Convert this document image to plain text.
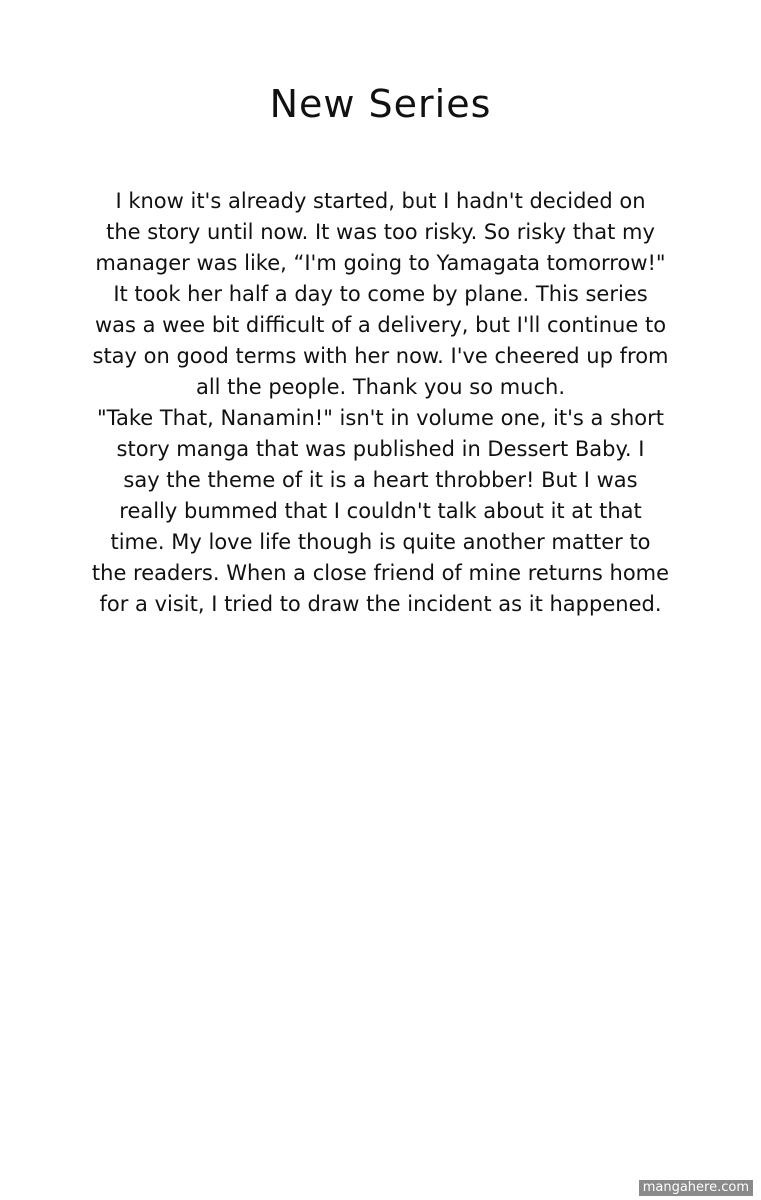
New Series

I know it's already started, but I hadn't decided on
the story until now. It was too risky. So risky that my
manager was like, “I'm going to Yamagata tomorrow!"
It took her half a day to come by plane. This series
was a wee bit difficult of a delivery, but I'll continue to
stay on good terms with her now. I've cheered up from
all the people. Thank you so much.
"Take That, Nanamin!" isn't in volume one, it's a short
story manga that was published in Dessert Baby. I
say the theme of it is a heart throbber! But I was
really bummed that I couldn't talk about it at that
time. My love life though is quite another matter to
the readers. When a close friend of mine returns home
for a visit, I tried to draw the incident as it happened.

mangahere.com
